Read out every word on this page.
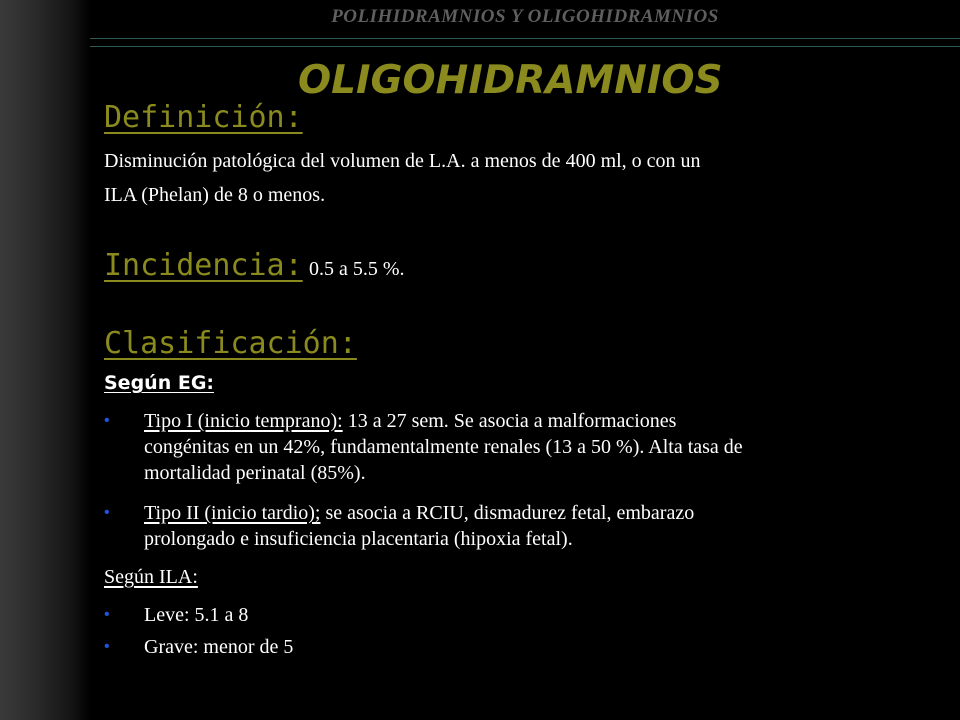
POLIHIDRAMNIOS Y OLIGOHIDRAMNIOS
OLIGOHIDRAMNIOS
Definición:
Disminución patológica del volumen de L.A. a menos de 400 ml, o con un
ILA (Phelan) de 8 o menos.
Incidencia: 0.5 a 5.5 %.
Clasificación:
Según EG:
• Tipo I (inicio temprano): 13 a 27 sem. Se asocia a malformaciones
congénitas en un 42%, fundamentalmente renales (13 a 50 %). Alta tasa de
mortalidad perinatal (85%).
• Tipo II (inicio tardio); se asocia a RCIU, dismadurez fetal, embarazo
prolongado e insuficiencia placentaria (hipoxia fetal).
Según ILA:
• Leve: 5.1 a 8
• Grave: menor de 5
